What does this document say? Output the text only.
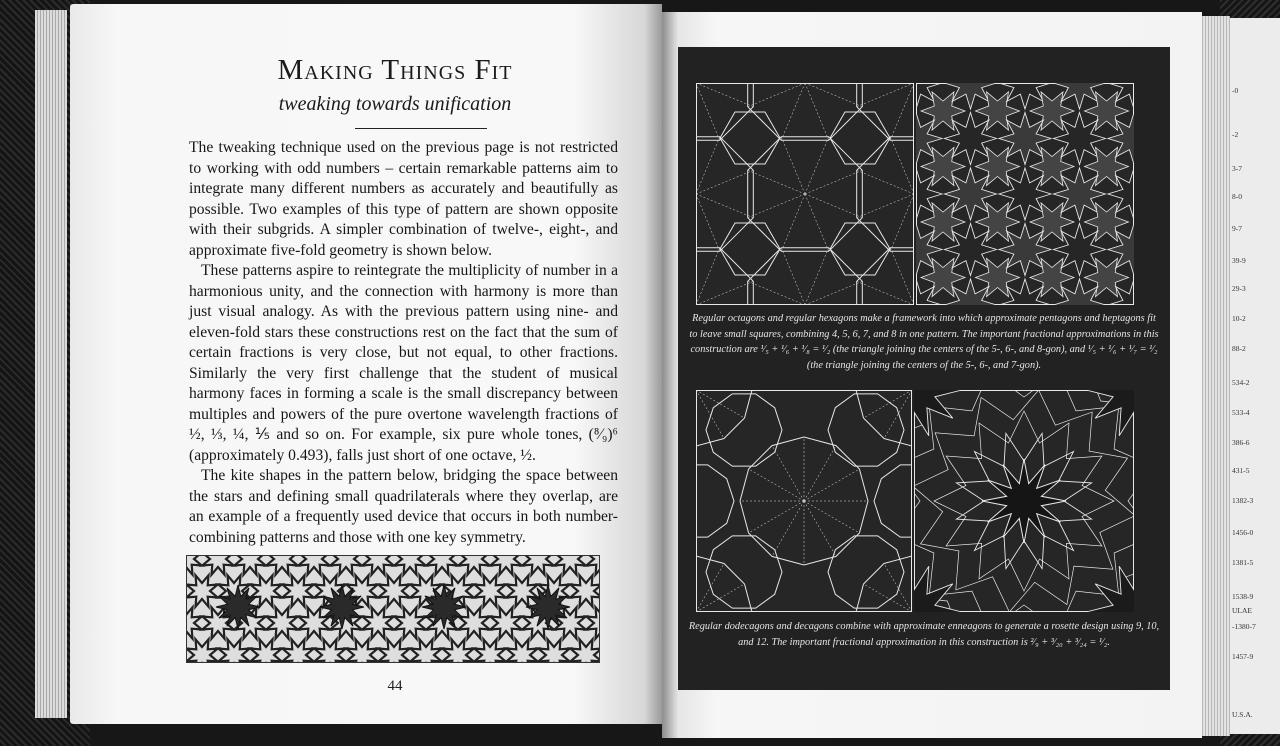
-0
-2
3-7
8-0
9-7
39-9
29-3
10-2
88-2
534-2
533-4
386-6
431-5
1382-3
1456-0
1381-5
1538-9
ULAE
-1380-7
1457-9
U.S.A.
Making Things Fit
tweaking towards unification

The tweaking technique used on the previous page is not restricted to working with odd numbers – certain remarkable patterns aim to integrate many different numbers as accurately and beautifully as possible. Two examples of this type of pattern are shown opposite with their subgrids. A simpler combination of twelve-, eight-, and approximate five-fold geometry is shown below.

These patterns aspire to reintegrate the multiplicity of number in a harmonious unity, and the connection with harmony is more than just visual analogy. As with the previous pattern using nine- and eleven-fold stars these constructions rest on the fact that the sum of certain fractions is very close, but not equal, to other fractions. Similarly the very first challenge that the student of musical harmony faces in forming a scale is the small discrepancy between multiples and powers of the pure overtone wavelength fractions of ½, ⅓, ¼, ⅕ and so on. For example, six pure whole tones, (⁸⁄₉)⁶ (approximately 0.493), falls just short of one octave, ½.

The kite shapes in the pattern below, bridging the space between the stars and defining small quadrilaterals where they overlap, are an example of a frequently used device that occurs in both number-combining patterns and those with one key symmetry.

44
Regular octagons and regular hexagons make a framework into which approximate pentagons and heptagons fit to leave small squares, combining 4, 5, 6, 7, and 8 in one pattern. The important fractional approximations in this construction are ¹⁄₅ + ¹⁄₆ + ¹⁄₈ = ¹⁄₂ (the triangle joining the centers of the 5-, 6-, and 8-gon), and ¹⁄₅ + ¹⁄₆ + ¹⁄₇ = ¹⁄₂ (the triangle joining the centers of the 5-, 6-, and 7-gon).
Regular dodecagons and decagons combine with approximate enneagons to generate a rosette design using 9, 10, and 12. The important fractional approximation in this construction is ²⁄₉ + ³⁄₂₀ + ³⁄₂₄ = ¹⁄₂.
